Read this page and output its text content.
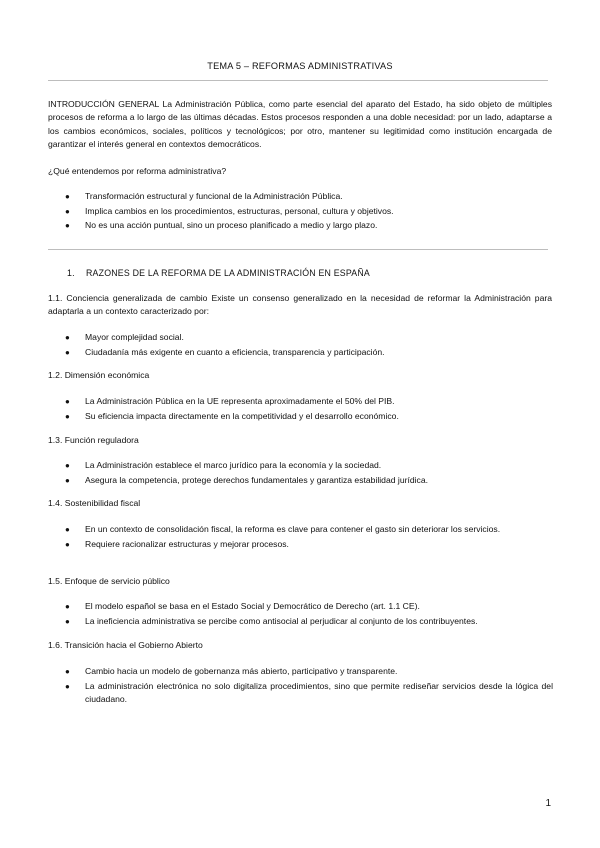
TEMA 5 – REFORMAS ADMINISTRATIVAS
INTRODUCCIÓN GENERAL La Administración Pública, como parte esencial del aparato del Estado, ha sido objeto de múltiples procesos de reforma a lo largo de las últimas décadas. Estos procesos responden a una doble necesidad: por un lado, adaptarse a los cambios económicos, sociales, políticos y tecnológicos; por otro, mantener su legitimidad como institución encargada de garantizar el interés general en contextos democráticos.
¿Qué entendemos por reforma administrativa?
● Transformación estructural y funcional de la Administración Pública.
● Implica cambios en los procedimientos, estructuras, personal, cultura y objetivos.
● No es una acción puntual, sino un proceso planificado a medio y largo plazo.
1. RAZONES DE LA REFORMA DE LA ADMINISTRACIÓN EN ESPAÑA
1.1. Conciencia generalizada de cambio Existe un consenso generalizado en la necesidad de reformar la Administración para adaptarla a un contexto caracterizado por:
● Mayor complejidad social.
● Ciudadanía más exigente en cuanto a eficiencia, transparencia y participación.
1.2. Dimensión económica
● La Administración Pública en la UE representa aproximadamente el 50% del PIB.
● Su eficiencia impacta directamente en la competitividad y el desarrollo económico.
1.3. Función reguladora
● La Administración establece el marco jurídico para la economía y la sociedad.
● Asegura la competencia, protege derechos fundamentales y garantiza estabilidad jurídica.
1.4. Sostenibilidad fiscal
● En un contexto de consolidación fiscal, la reforma es clave para contener el gasto sin deteriorar los servicios.
● Requiere racionalizar estructuras y mejorar procesos.
1.5. Enfoque de servicio público
● El modelo español se basa en el Estado Social y Democrático de Derecho (art. 1.1 CE).
● La ineficiencia administrativa se percibe como antisocial al perjudicar al conjunto de los contribuyentes.
1.6. Transición hacia el Gobierno Abierto
● Cambio hacia un modelo de gobernanza más abierto, participativo y transparente.
● La administración electrónica no solo digitaliza procedimientos, sino que permite rediseñar servicios desde la lógica del ciudadano.
1
